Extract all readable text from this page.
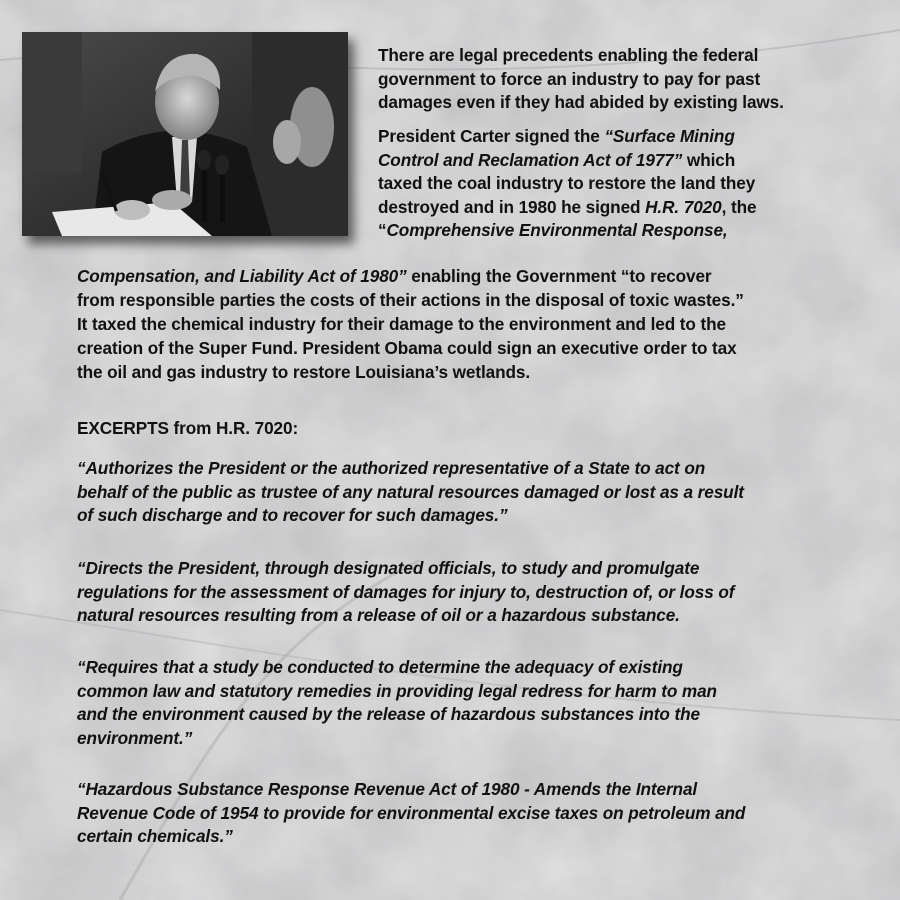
There are legal precedents enabling the federal
government to force an industry to pay for past
damages even if they had abided by existing laws.
President Carter signed the “Surface Mining
Control and Reclamation Act of 1977” which
taxed the coal industry to restore the land they
destroyed and in 1980 he signed H.R. 7020, the
“Comprehensive Environmental Response,
Compensation, and Liability Act of 1980” enabling the Government “to recover
from responsible parties the costs of their actions in the disposal of toxic wastes.”
It taxed the chemical industry for their damage to the environment and led to the
creation of the Super Fund. President Obama could sign an executive order to tax
the oil and gas industry to restore Louisiana’s wetlands.
EXCERPTS from H.R. 7020:

“Authorizes the President or the authorized representative of a State to act on

behalf of the public as trustee of any natural resources damaged or lost as a result

of such discharge and to recover for such damages.”

“Directs the President, through designated officials, to study and promulgate

regulations for the assessment of damages for injury to, destruction of, or loss of

natural resources resulting from a release of oil or a hazardous substance.

“Requires that a study be conducted to determine the adequacy of existing

common law and statutory remedies in providing legal redress for harm to man

and the environment caused by the release of hazardous substances into the

environment.”

“Hazardous Substance Response Revenue Act of 1980 - Amends the Internal

Revenue Code of 1954 to provide for environmental excise taxes on petroleum and

certain chemicals.”
